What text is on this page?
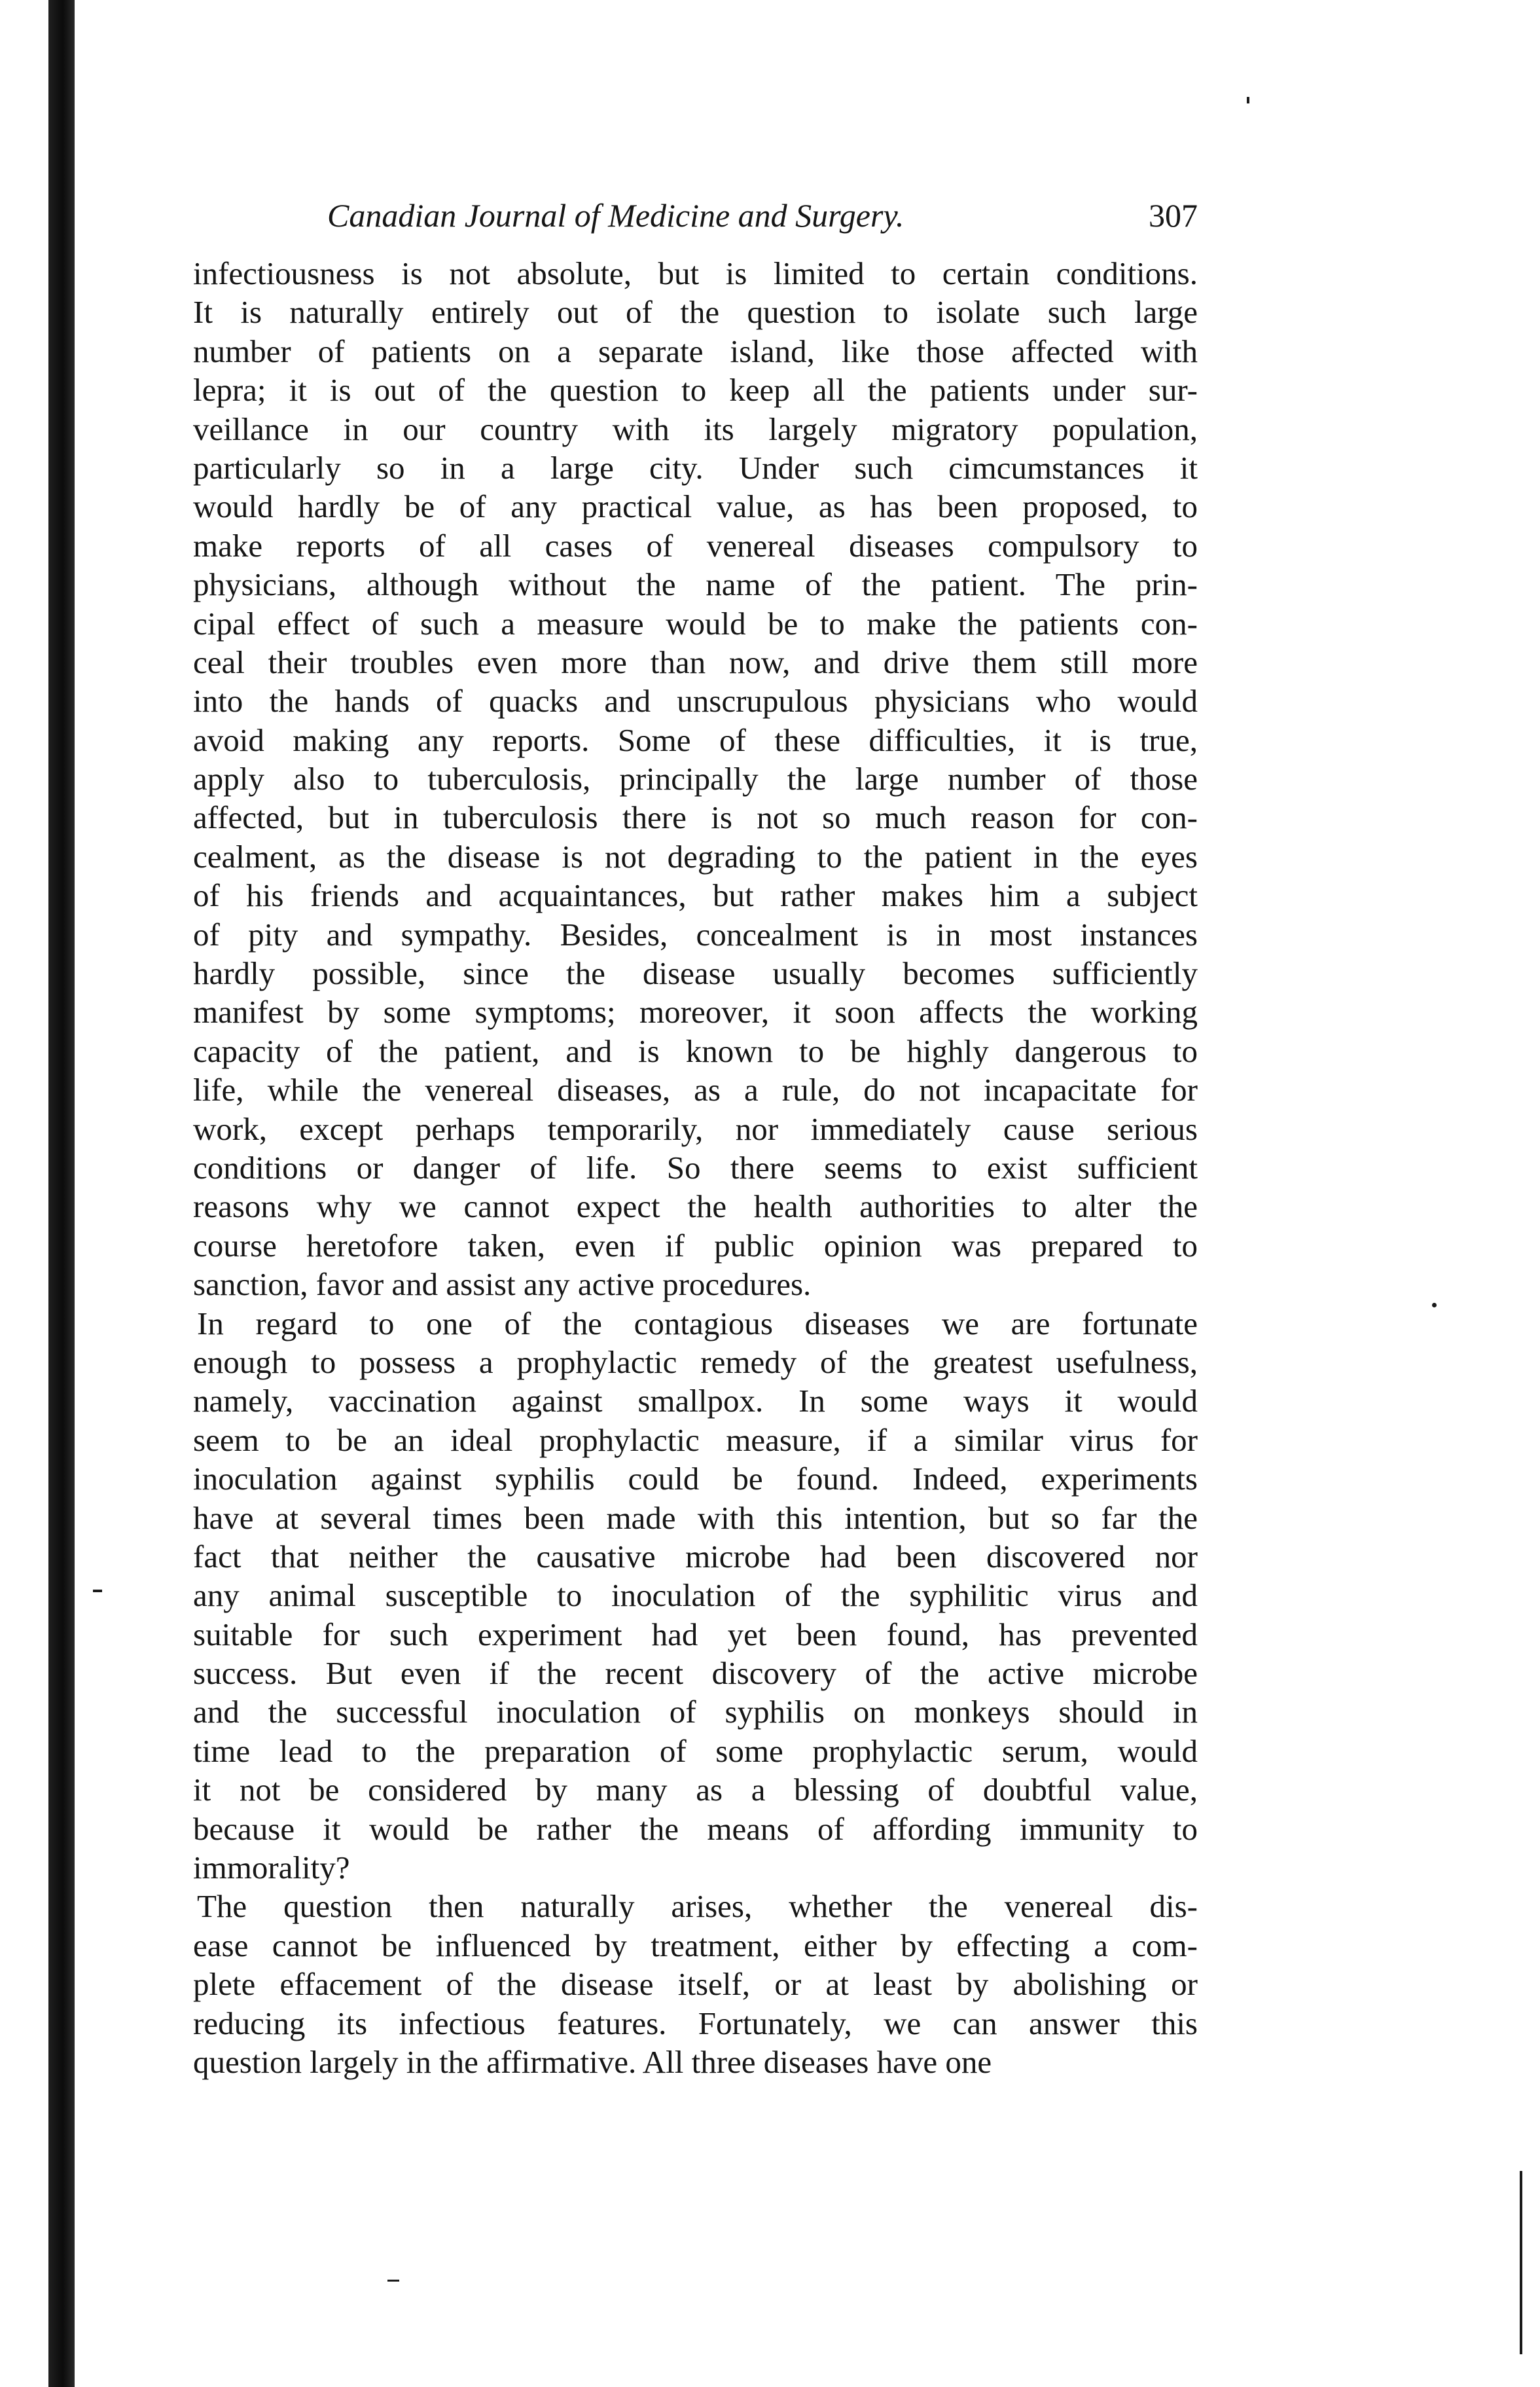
Canadian Journal of Medicine and Surgery.	307

infectiousness is not absolute, but is limited to certain conditions.
It is naturally entirely out of the question to isolate such large
number of patients on a separate island, like those affected with
lepra; it is out of the question to keep all the patients under sur-
veillance in our country with its largely migratory population,
particularly so in a large city. Under such cimcumstances it
would hardly be of any practical value, as has been proposed, to
make reports of all cases of venereal diseases compulsory to
physicians, although without the name of the patient. The prin-
cipal effect of such a measure would be to make the patients con-
ceal their troubles even more than now, and drive them still more
into the hands of quacks and unscrupulous physicians who would
avoid making any reports. Some of these difficulties, it is true,
apply also to tuberculosis, principally the large number of those
affected, but in tuberculosis there is not so much reason for con-
cealment, as the disease is not degrading to the patient in the eyes
of his friends and acquaintances, but rather makes him a subject
of pity and sympathy. Besides, concealment is in most instances
hardly possible, since the disease usually becomes sufficiently
manifest by some symptoms; moreover, it soon affects the working
capacity of the patient, and is known to be highly dangerous to
life, while the venereal diseases, as a rule, do not incapacitate for
work, except perhaps temporarily, nor immediately cause serious
conditions or danger of life. So there seems to exist sufficient
reasons why we cannot expect the health authorities to alter the
course heretofore taken, even if public opinion was prepared to
sanction, favor and assist any active procedures.

In regard to one of the contagious diseases we are fortunate
enough to possess a prophylactic remedy of the greatest usefulness,
namely, vaccination against smallpox. In some ways it would
seem to be an ideal prophylactic measure, if a similar virus for
inoculation against syphilis could be found. Indeed, experiments
have at several times been made with this intention, but so far the
fact that neither the causative microbe had been discovered nor
any animal susceptible to inoculation of the syphilitic virus and
suitable for such experiment had yet been found, has prevented
success. But even if the recent discovery of the active microbe
and the successful inoculation of syphilis on monkeys should in
time lead to the preparation of some prophylactic serum, would
it not be considered by many as a blessing of doubtful value,
because it would be rather the means of affording immunity to
immorality?

The question then naturally arises, whether the venereal dis-
ease cannot be influenced by treatment, either by effecting a com-
plete effacement of the disease itself, or at least by abolishing or
reducing its infectious features. Fortunately, we can answer this
question largely in the affirmative. All three diseases have one
